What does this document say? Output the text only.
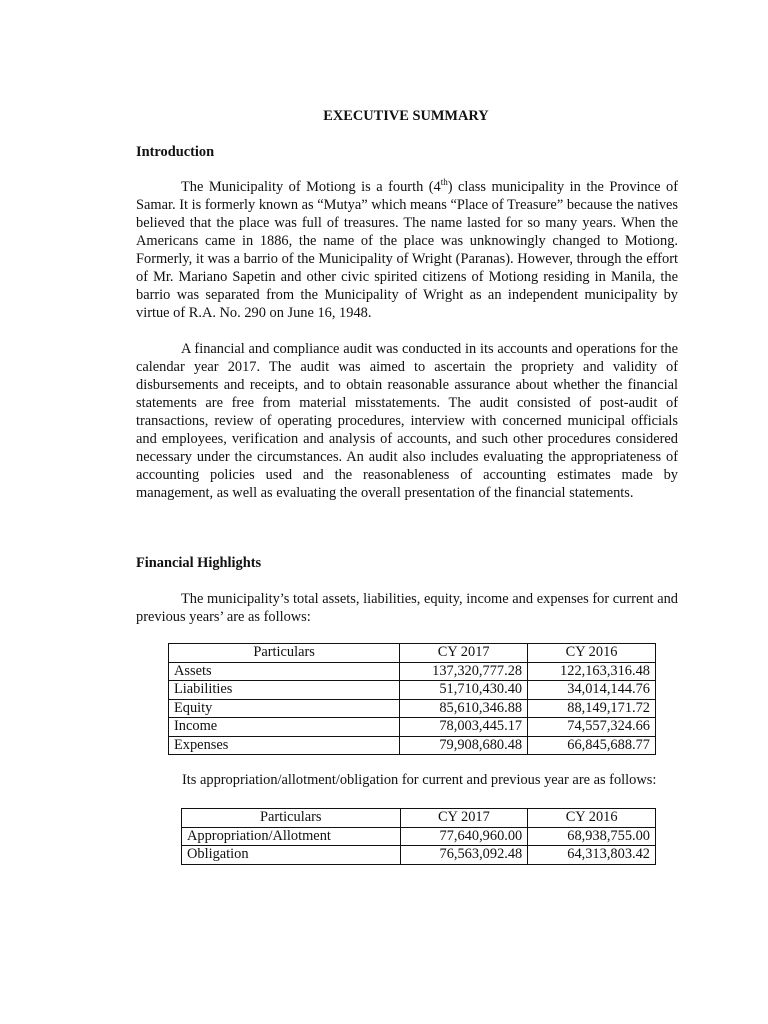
EXECUTIVE SUMMARY
Introduction
The Municipality of Motiong is a fourth (4th) class municipality in the Province of Samar. It is formerly known as “Mutya” which means “Place of Treasure” because the natives believed that the place was full of treasures. The name lasted for so many years. When the Americans came in 1886, the name of the place was unknowingly changed to Motiong. Formerly, it was a barrio of the Municipality of Wright (Paranas). However, through the effort of Mr. Mariano Sapetin and other civic spirited citizens of Motiong residing in Manila, the barrio was separated from the Municipality of Wright as an independent municipality by virtue of R.A. No. 290 on June 16, 1948.
A financial and compliance audit was conducted in its accounts and operations for the calendar year 2017. The audit was aimed to ascertain the propriety and validity of disbursements and receipts, and to obtain reasonable assurance about whether the financial statements are free from material misstatements. The audit consisted of post-audit of transactions, review of operating procedures, interview with concerned municipal officials and employees, verification and analysis of accounts, and such other procedures considered necessary under the circumstances. An audit also includes evaluating the appropriateness of accounting policies used and the reasonableness of accounting estimates made by management, as well as evaluating the overall presentation of the financial statements.
Financial Highlights
The municipality’s total assets, liabilities, equity, income and expenses for current and previous years’ are as follows:
Particulars	CY 2017	CY 2016
Assets	137,320,777.28	122,163,316.48
Liabilities	51,710,430.40	34,014,144.76
Equity	85,610,346.88	88,149,171.72
Income	78,003,445.17	74,557,324.66
Expenses	79,908,680.48	66,845,688.77
Its appropriation/allotment/obligation for current and previous year are as follows:
Particulars	CY 2017	CY 2016
Appropriation/Allotment	77,640,960.00	68,938,755.00
Obligation	76,563,092.48	64,313,803.42
